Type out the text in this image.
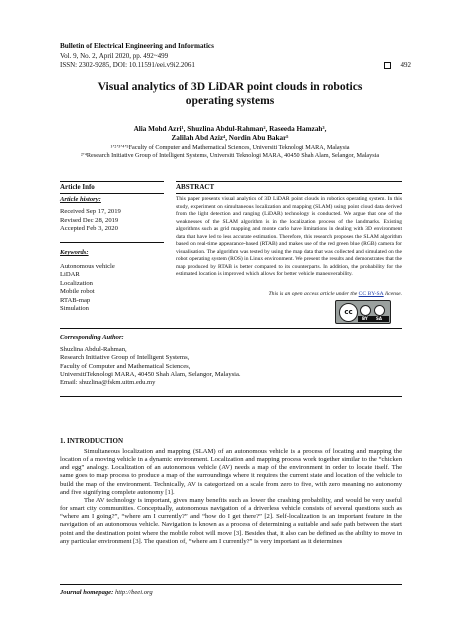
Bulletin of Electrical Engineering and Informatics
Vol. 9, No. 2, April 2020, pp. 492~499
ISSN: 2302-9285, DOI: 10.11591/eei.v9i2.2061	492
Visual analytics of 3D LiDAR point clouds in robotics
operating systems
Alia Mohd Azri¹, Shuzlina Abdul-Rahman², Raseeda Hamzah³,
Zalilah Abd Aziz⁴, Nordin Abu Bakar⁵
¹ʼ²ʼ³ʼ⁴ʼ⁵Faculty of Computer and Mathematical Sciences, Universiti Teknologi MARA, Malaysia
²ʼ⁴Research Initiative Group of Intelligent Systems, Universiti Teknologi MARA, 40450 Shah Alam, Selangor, Malaysia
Article Info	ABSTRACT
Article history:
Received Sep 17, 2019
Revised Dec 28, 2019
Accepted Feb 3, 2020
Keywords:
Autonomous vehicle
LiDAR
Localization
Mobile robot
RTAB-map
Simulation
This paper presents visual analytics of 3D LiDAR point clouds in robotics operating system. In this study, experiment on simultaneous localization and mapping (SLAM) using point cloud data derived from the light detection and ranging (LiDAR) technology is conducted. We argue that one of the weaknesses of the SLAM algorithm is in the localization process of the landmarks. Existing algorithms such as grid mapping and monte carlo have limitations in dealing with 3D environment data that have led to less accurate estimation. Therefore, this research proposes the SLAM algorithm based on real-time appearance-based (RTAB) and makes use of the red green blue (RGB) camera for visualisation. The algorithm was tested by using the map data that was collected and simulated on the robot operating system (ROS) in Linux environment. We present the results and demonstrates that the map produced by RTAB is better compared to its counterparts. In addition, the probability for the estimated location is improved which allows for better vehicle maneuverability.
This is an open access article under the CC BY-SA license.
cc
BY SA
Corresponding Author:
Shuzlina Abdul-Rahman,
Research Initiative Group of Intelligent Systems,
Faculty of Computer and Mathematical Sciences,
UniversitiTeknologi MARA, 40450 Shah Alam, Selangor, Malaysia.
Email: shuzlina@fskm.uitm.edu.my
1. INTRODUCTION

Simultaneous localization and mapping (SLAM) of an autonomous vehicle is a process of locating and mapping the location of a moving vehicle in a dynamic environment. Localization and mapping process work together similar to the “chicken and egg” analogy. Localization of an autonomous vehicle (AV) needs a map of the environment in order to locate itself. The same goes to map process to produce a map of the surroundings where it requires the current state and location of the vehicle to build the map of the environment. Technically, AV is categorized on a scale from zero to five, with zero meaning no autonomy and five signifying complete autonomy [1].

The AV technology is important, gives many benefits such as lower the crashing probability, and would be very useful for smart city communities. Conceptually, autonomous navigation of a driverless vehicle consists of several questions such as “where am I going?”, “where am I currently?” and “how do I get there?” [2]. Self-localization is an important feature in the navigation of an autonomous vehicle. Navigation is known as a process of determining a suitable and safe path between the start point and the destination point where the mobile robot will move [3]. Besides that, it also can be defined as the ability to move in any particular environment [3]. The question of, “where am I currently?” is very important as it determines

Journal homepage: http://beei.org
